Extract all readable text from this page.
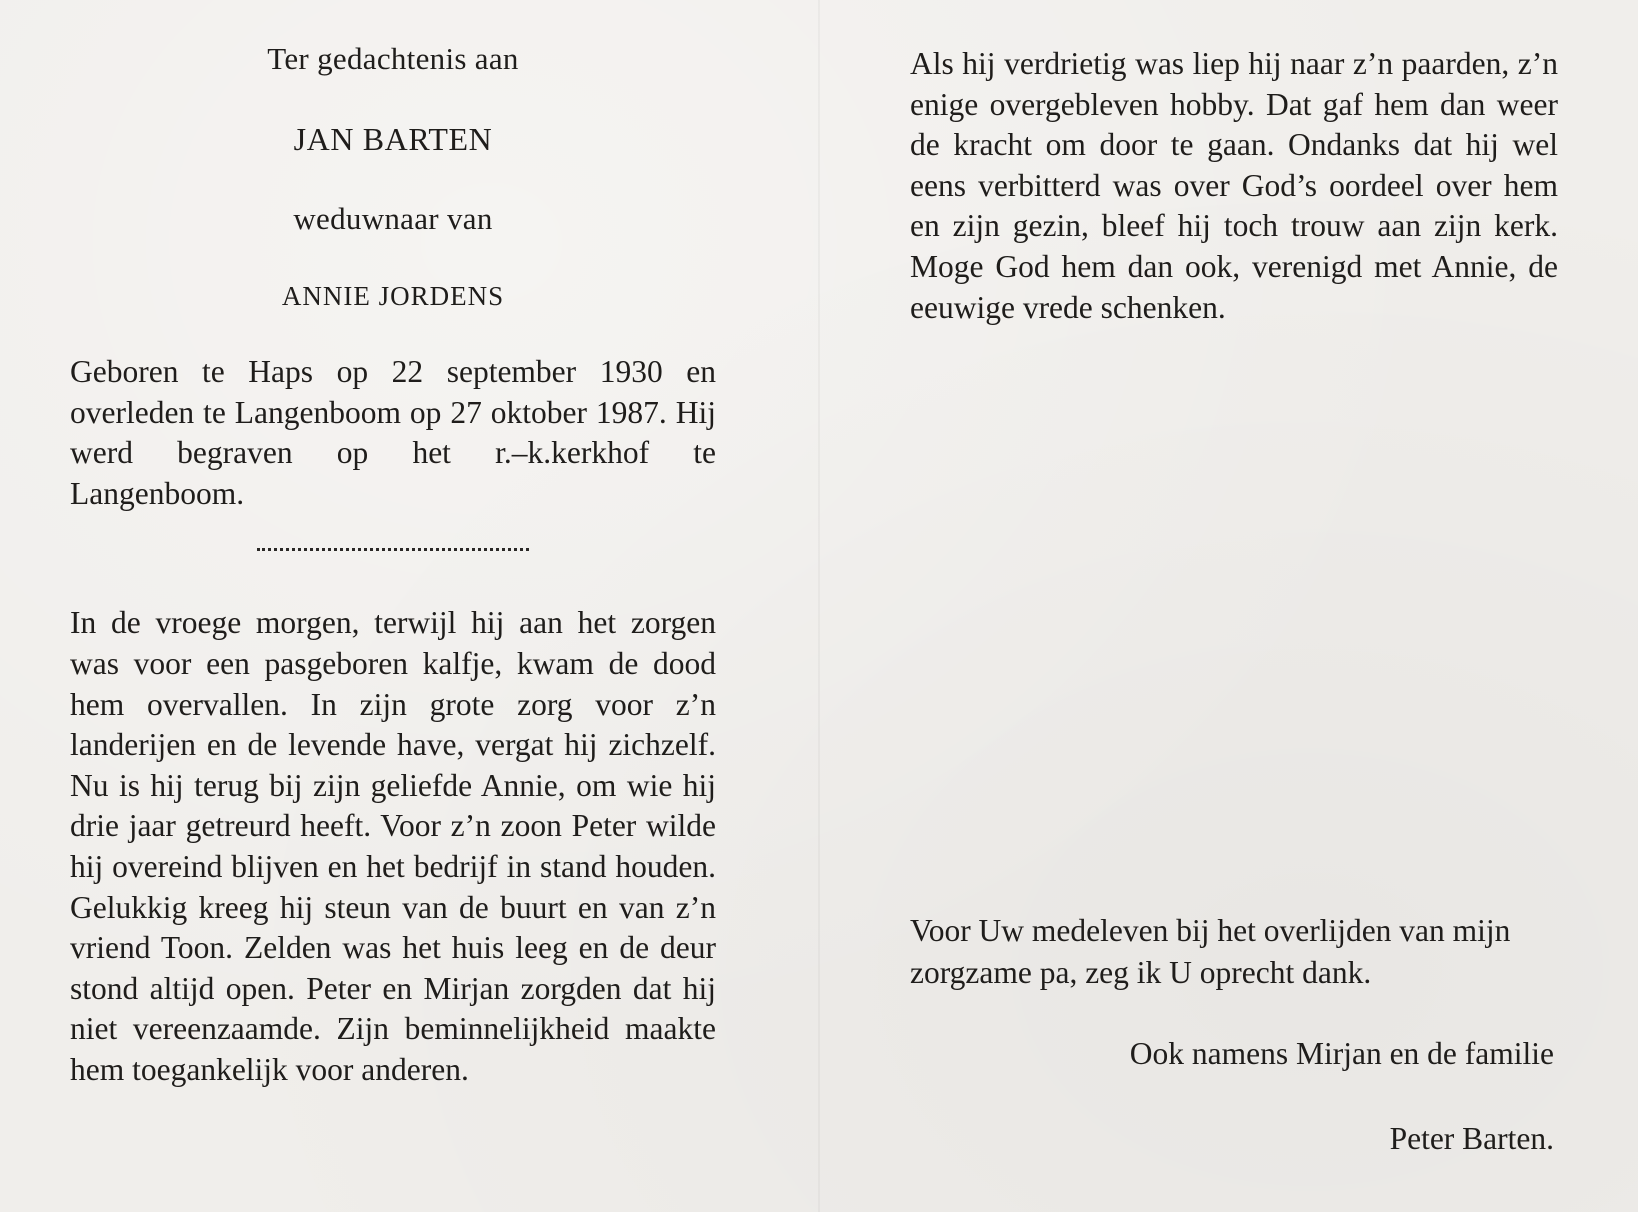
Ter gedachtenis aan
JAN BARTEN
weduwnaar van
ANNIE JORDENS

Geboren te Haps op 22 september 1930 en overleden te Langenboom op 27 oktober 1987. Hij werd begraven op het r.–k.kerkhof te Langenboom.

In de vroege morgen, terwijl hij aan het zorgen was voor een pasgeboren kalfje, kwam de dood hem overvallen. In zijn grote zorg voor z’n landerijen en de levende have, vergat hij zichzelf. Nu is hij terug bij zijn geliefde Annie, om wie hij drie jaar getreurd heeft. Voor z’n zoon Peter wilde hij overeind blijven en het bedrijf in stand houden. Gelukkig kreeg hij steun van de buurt en van z’n vriend Toon. Zelden was het huis leeg en de deur stond altijd open. Peter en Mirjan zorgden dat hij niet vereenzaamde. Zijn beminnelijkheid maakte hem toegankelijk voor anderen.

Als hij verdrietig was liep hij naar z’n paarden, z’n enige overgebleven hobby. Dat gaf hem dan weer de kracht om door te gaan. Ondanks dat hij wel eens verbitterd was over God’s oordeel over hem en zijn gezin, bleef hij toch trouw aan zijn kerk. Moge God hem dan ook, verenigd met Annie, de eeuwige vrede schenken.

Voor Uw medeleven bij het overlijden van mijn zorgzame pa, zeg ik U oprecht dank.

Ook namens Mirjan en de familie
Peter Barten.
